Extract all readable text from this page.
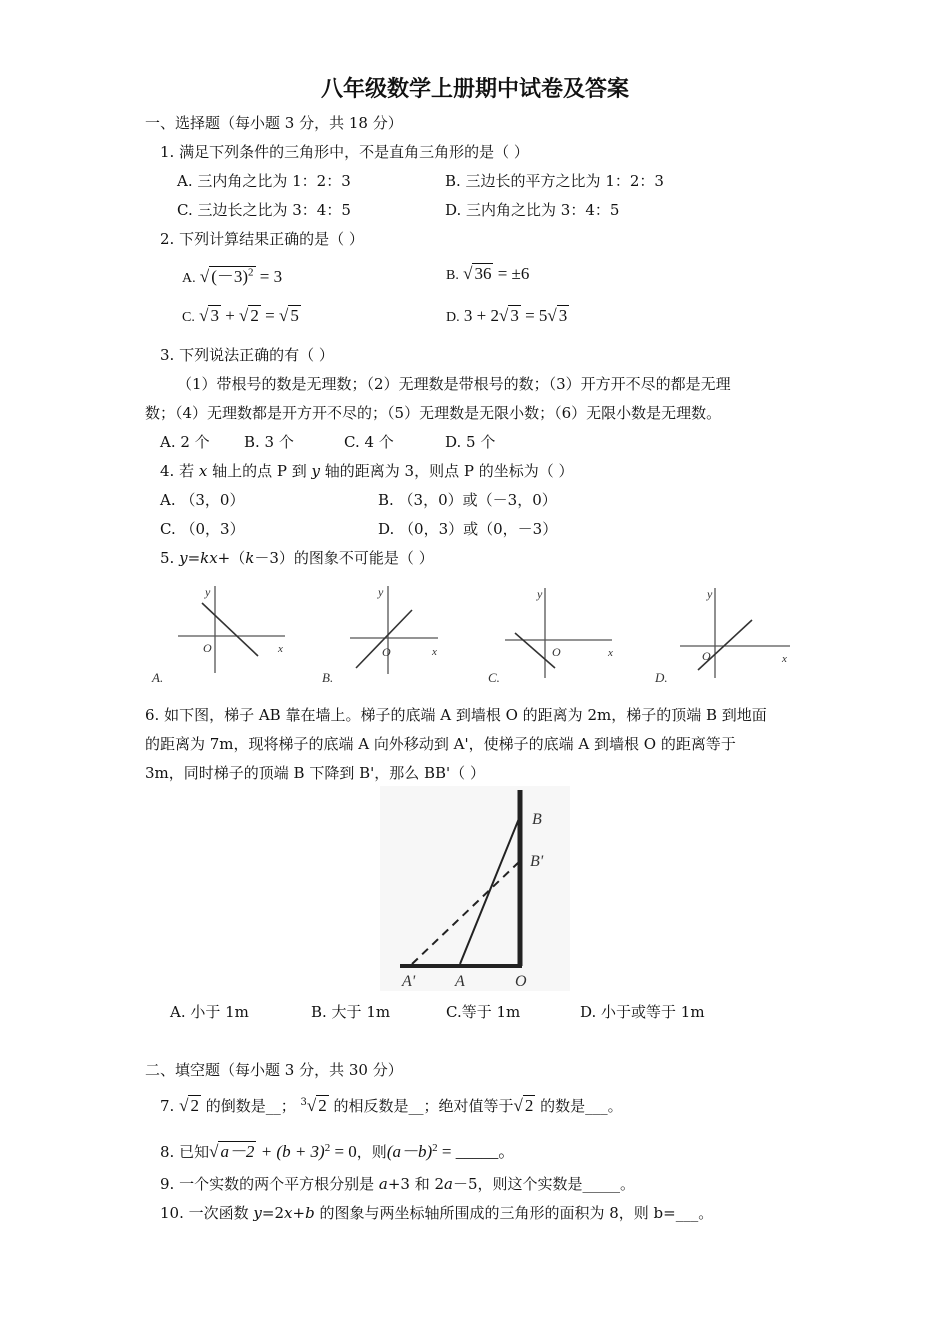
八年级数学上册期中试卷及答案
一、选择题（每小题 3 分，共 18 分）
1. 满足下列条件的三角形中，不是直角三角形的是（ ）
A. 三内角之比为 1：2：3	B. 三边长的平方之比为 1：2：3
C. 三边长之比为 3：4：5	D. 三内角之比为 3：4：5
2. 下列计算结果正确的是（ ）
A. √ $(-3)^2 = 3$	B. √ 36 = ±6
C. √ 3 + √ 2 = √ 5	D. 3 + 2√ 3 = 5√ 3
3. 下列说法正确的有（ ）
（1）带根号的数是无理数；（2）无理数是带根号的数；（3）开方开不尽的都是无理
数；（4）无理数都是开方开不尽的；（5）无理数是无限小数；（6）无限小数是无理数。
A. 2 个 B. 3 个	C. 4 个	D. 5 个
4. 若 x 轴上的点 P 到 y 轴的距离为 3，则点 P 的坐标为（ ）
A. （3，0）	B. （3，0）或（－3，0）
C. （0，3）	D. （0，3）或（0，－3）
5. y=kx+（k－3）的图象不可能是（ ）
A.
y
x
O
B.
y
x
O
C.
y
x
O
D.
y
x
O
6. 如下图，梯子 AB 靠在墙上。梯子的底端 A 到墙根 O 的距离为 2m，梯子的顶端 B 到地面
的距离为 7m，现将梯子的底端 A 向外移动到 A'，使梯子的底端 A 到墙根 O 的距离等于
3m，同时梯子的顶端 B 下降到 B'，那么 BB'（ ）
B
B'
A' A	O
A. 小于 1m	B. 大于 1m	C.等于 1m	D. 小于或等于 1m
二、填空题（每小题 3 分，共 30 分）
7. √ 2 的倒数是__； $^3$√ 2 的相反数是__；绝对值等于√ 2 的数是___。
8. 已知√ $a-2 + (b + 3)^2 = 0$，则$(a-b)^2$ = _____。
9. 一个实数的两个平方根分别是 a+3 和 2a－5，则这个实数是_____。
10. 一次函数 y=2x+b 的图象与两坐标轴所围成的三角形的面积为 8，则 b=___。
